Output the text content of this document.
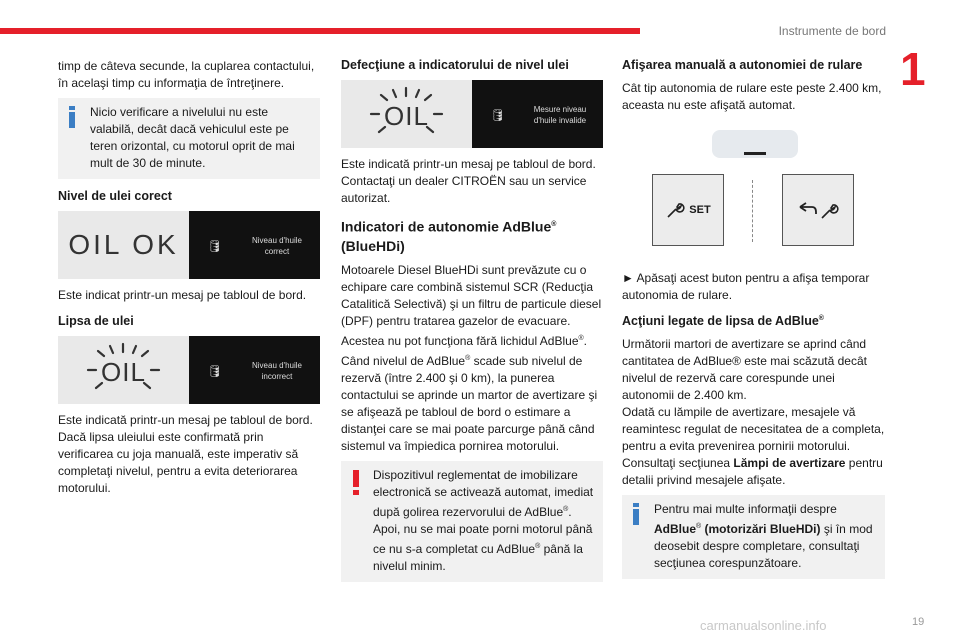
Instrumente de bord
1

timp de câteva secunde, la cuplarea contactului, în acelaşi timp cu informaţia de întreţinere.

Nicio verificare a nivelului nu este valabilă, decât dacă vehiculul este pe teren orizontal, cu motorul oprit de mai mult de 30 de minute.
Nivel de ulei corect
OIL OK	🛢	Niveau d'huile correct

Este indicat printr-un mesaj pe tabloul de bord.

Lipsa de ulei
OIL	🛢	Niveau d'huile incorrect

Este indicată printr-un mesaj pe tabloul de bord. Dacă lipsa uleiului este confirmată prin verificarea cu joja manuală, este imperativ să completaţi nivelul, pentru a evita deteriorarea motorului.

Defecţiune a indicatorului de nivel ulei
OIL	🛢	Mesure niveau d'huile invalide

Este indicată printr-un mesaj pe tabloul de bord. Contactaţi un dealer CITROËN sau un service autorizat.

Indicatori de autonomie AdBlue®
(BlueHDi)

Motoarele Diesel BlueHDi sunt prevăzute cu o echipare care combină sistemul SCR (Reducţia Catalitică Selectivă) şi un filtru de particule diesel (DPF) pentru tratarea gazelor de evacuare.

Acestea nu pot funcţiona fără lichidul AdBlue®.

Când nivelul de AdBlue® scade sub nivelul de rezervă (între 2.400 şi 0 km), la punerea contactului se aprinde un martor de avertizare şi se afişează pe tabloul de bord o estimare a distanţei care se mai poate parcurge până când sistemul va împiedica pornirea motorului.

Dispozitivul reglementat de imobilizare electronică se activează automat, imediat după golirea rezervorului de AdBlue®. Apoi, nu se mai poate porni motorul până ce nu s-a completat cu AdBlue® până la nivelul minim.
Afişarea manuală a autonomiei de rulare

Cât tip autonomia de rulare este peste 2.400 km, aceasta nu este afişată automat.

SET

► Apăsaţi acest buton pentru a afişa temporar autonomia de rulare.

Acţiuni legate de lipsa de AdBlue®

Următorii martori de avertizare se aprind când cantitatea de AdBlue® este mai scăzută decât nivelul de rezervă care corespunde unei autonomii de 2.400 km.

Odată cu lămpile de avertizare, mesajele vă reamintesc regulat de necesitatea de a completa, pentru a evita prevenirea pornirii motorului. Consultaţi secţiunea Lămpi de avertizare pentru detalii privind mesajele afişate.

Pentru mai multe informaţii despre AdBlue® (motorizări BlueHDi) şi în mod deosebit despre completare, consultaţi secţiunea corespunzătoare.
carmanualsonline.info	19
